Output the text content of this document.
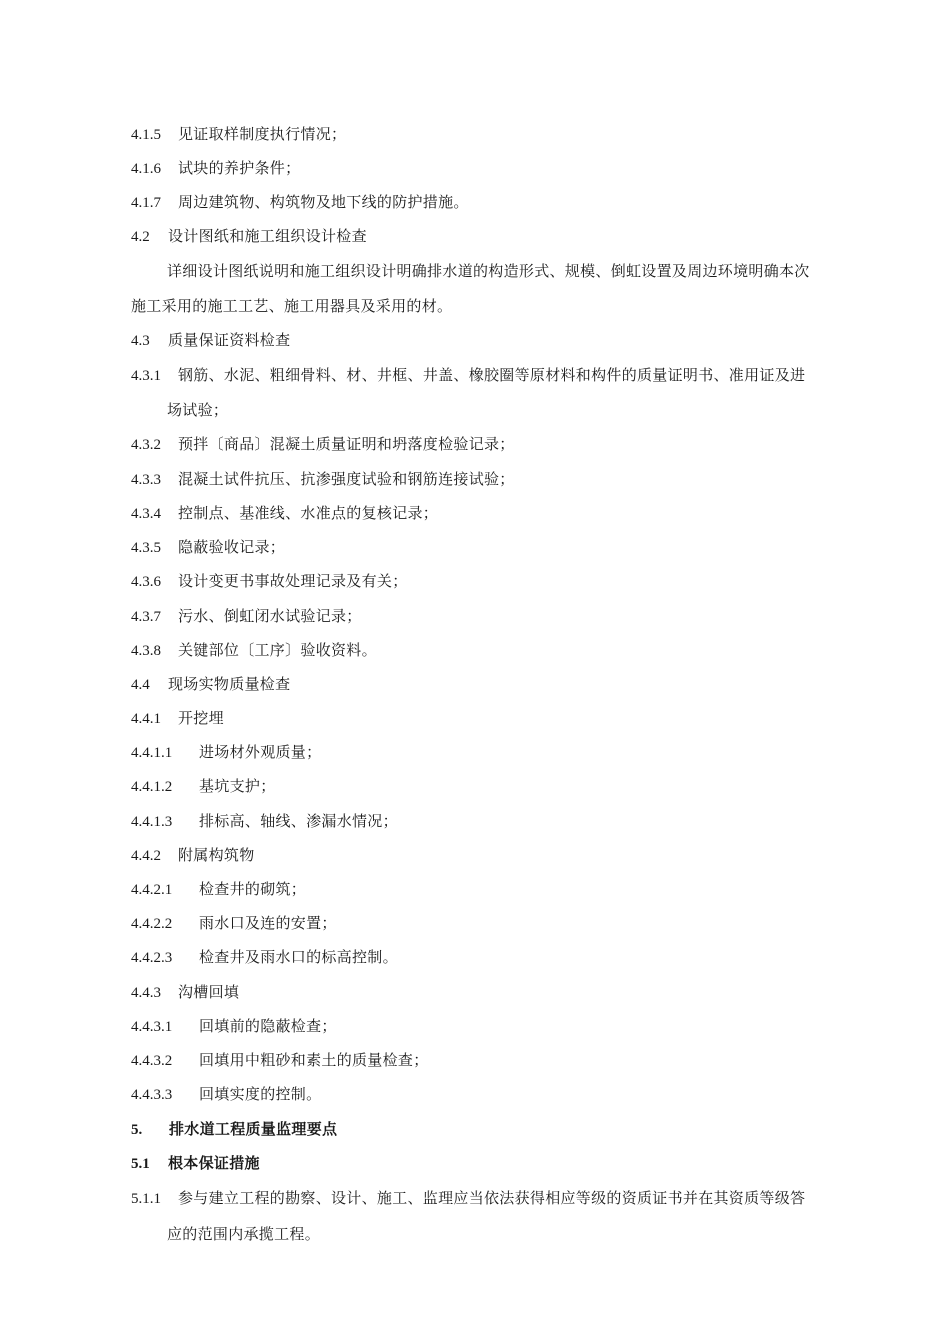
4.1.5 见证取样制度执行情况；
4.1.6 试块的养护条件；
4.1.7 周边建筑物、构筑物及地下线的防护措施。
4.2 设计图纸和施工组织设计检查
详细设计图纸说明和施工组织设计明确排水道的构造形式、规模、倒虹设置及周边环境明确本次
施工采用的施工工艺、施工用器具及采用的材。
4.3 质量保证资料检查
4.3.1 钢筋、水泥、粗细骨料、材、井框、井盖、橡胶圈等原材料和构件的质量证明书、准用证及进
场试验；
4.3.2 预拌〔商品〕混凝土质量证明和坍落度检验记录；
4.3.3 混凝土试件抗压、抗渗强度试验和钢筋连接试验；
4.3.4 控制点、基准线、水准点的复核记录；
4.3.5 隐蔽验收记录；
4.3.6 设计变更书事故处理记录及有关；
4.3.7 污水、倒虹闭水试验记录；
4.3.8 关键部位〔工序〕验收资料。
4.4 现场实物质量检查
4.4.1 开挖埋
4.4.1.1 进场材外观质量；
4.4.1.2 基坑支护；
4.4.1.3 排标高、轴线、渗漏水情况；
4.4.2 附属构筑物
4.4.2.1 检查井的砌筑；
4.4.2.2 雨水口及连的安置；
4.4.2.3 检查井及雨水口的标高控制。
4.4.3 沟槽回填
4.4.3.1 回填前的隐蔽检查；
4.4.3.2 回填用中粗砂和素土的质量检查；
4.4.3.3 回填实度的控制。
5. 排水道工程质量监理要点
5.1 根本保证措施
5.1.1 参与建立工程的勘察、设计、施工、监理应当依法获得相应等级的资质证书并在其资质等级答
应的范围内承揽工程。
